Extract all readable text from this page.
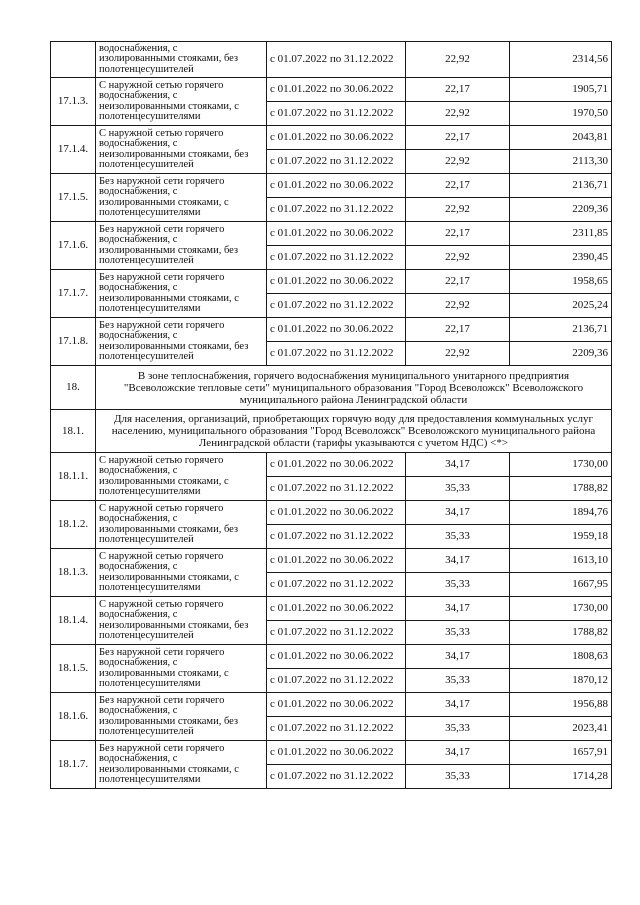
	водоснабжения, с
изолированными стояками, без
полотенцесушителей	с 01.07.2022 по 31.12.2022	22,92	2314,56
17.1.3.	С наружной сетью горячего
водоснабжения, с
неизолированными стояками, с
полотенцесушителями	с 01.01.2022 по 30.06.2022	22,17	1905,71
		с 01.07.2022 по 31.12.2022	22,92	1970,50
17.1.4.	С наружной сетью горячего
водоснабжения, с
неизолированными стояками, без
полотенцесушителей	с 01.01.2022 по 30.06.2022	22,17	2043,81
		с 01.07.2022 по 31.12.2022	22,92	2113,30
17.1.5.	Без наружной сети горячего
водоснабжения, с
изолированными стояками, с
полотенцесушителями	с 01.01.2022 по 30.06.2022	22,17	2136,71
		с 01.07.2022 по 31.12.2022	22,92	2209,36
17.1.6.	Без наружной сети горячего
водоснабжения, с
изолированными стояками, без
полотенцесушителей	с 01.01.2022 по 30.06.2022	22,17	2311,85
		с 01.07.2022 по 31.12.2022	22,92	2390,45
17.1.7.	Без наружной сети горячего
водоснабжения, с
неизолированными стояками, с
полотенцесушителями	с 01.01.2022 по 30.06.2022	22,17	1958,65
		с 01.07.2022 по 31.12.2022	22,92	2025,24
17.1.8.	Без наружной сети горячего
водоснабжения, с
неизолированными стояками, без
полотенцесушителей	с 01.01.2022 по 30.06.2022	22,17	2136,71
		с 01.07.2022 по 31.12.2022	22,92	2209,36
18.	В зоне теплоснабжения, горячего водоснабжения муниципального унитарного предприятия
"Всеволожские тепловые сети" муниципального образования "Город Всеволожск" Всеволожского
муниципального района Ленинградской области			
18.1.	Для населения, организаций, приобретающих горячую воду для предоставления коммунальных услуг
населению, муниципального образования "Город Всеволожск" Всеволожского муниципального района
Ленинградской области (тарифы указываются с учетом НДС) <*>			
18.1.1.	С наружной сетью горячего
водоснабжения, с
изолированными стояками, с
полотенцесушителями	с 01.01.2022 по 30.06.2022	34,17	1730,00
		с 01.07.2022 по 31.12.2022	35,33	1788,82
18.1.2.	С наружной сетью горячего
водоснабжения, с
изолированными стояками, без
полотенцесушителей	с 01.01.2022 по 30.06.2022	34,17	1894,76
		с 01.07.2022 по 31.12.2022	35,33	1959,18
18.1.3.	С наружной сетью горячего
водоснабжения, с
неизолированными стояками, с
полотенцесушителями	с 01.01.2022 по 30.06.2022	34,17	1613,10
		с 01.07.2022 по 31.12.2022	35,33	1667,95
18.1.4.	С наружной сетью горячего
водоснабжения, с
неизолированными стояками, без
полотенцесушителей	с 01.01.2022 по 30.06.2022	34,17	1730,00
		с 01.07.2022 по 31.12.2022	35,33	1788,82
18.1.5.	Без наружной сети горячего
водоснабжения, с
изолированными стояками, с
полотенцесушителями	с 01.01.2022 по 30.06.2022	34,17	1808,63
		с 01.07.2022 по 31.12.2022	35,33	1870,12
18.1.6.	Без наружной сети горячего
водоснабжения, с
изолированными стояками, без
полотенцесушителей	с 01.01.2022 по 30.06.2022	34,17	1956,88
		с 01.07.2022 по 31.12.2022	35,33	2023,41
18.1.7.	Без наружной сети горячего
водоснабжения, с
неизолированными стояками, с
полотенцесушителями	с 01.01.2022 по 30.06.2022	34,17	1657,91
		с 01.07.2022 по 31.12.2022	35,33	1714,28
